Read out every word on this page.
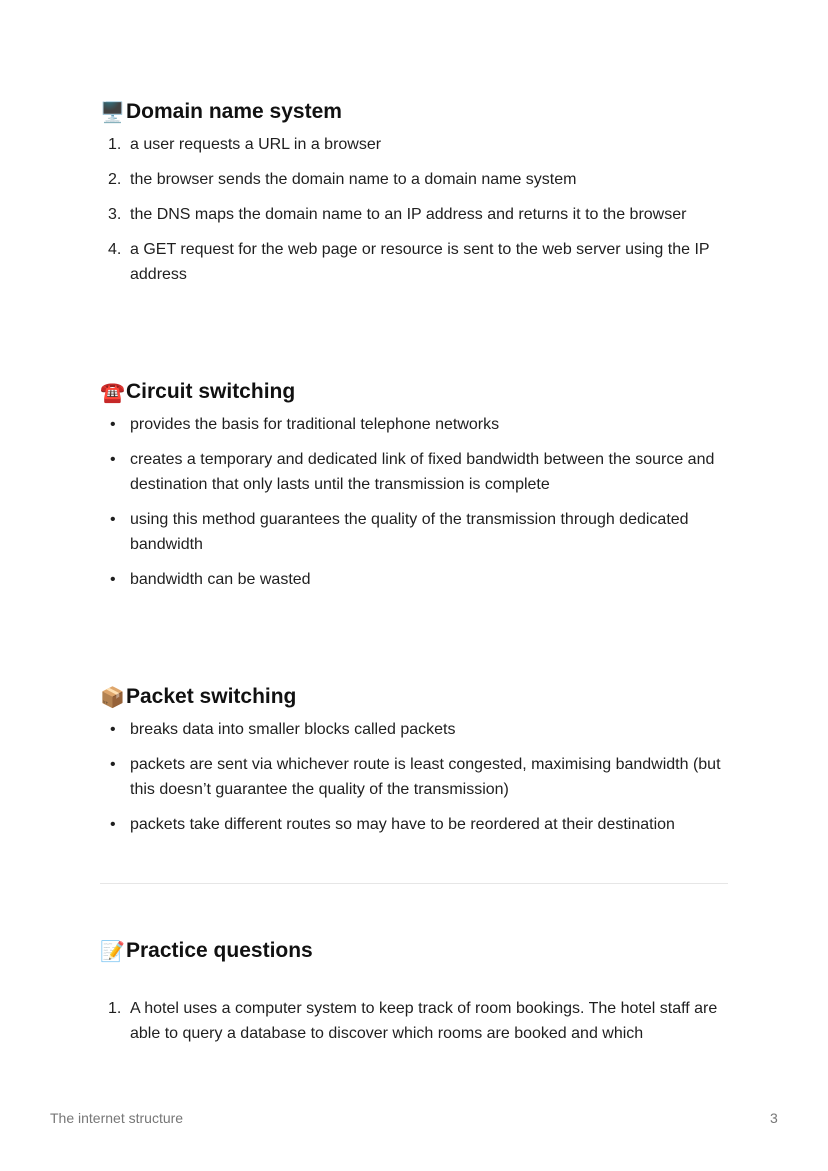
🖥️ Domain name system
1. a user requests a URL in a browser
2. the browser sends the domain name to a domain name system
3. the DNS maps the domain name to an IP address and returns it to the browser
4. a GET request for the web page or resource is sent to the web server using the IP address
☎️ Circuit switching
• provides the basis for traditional telephone networks
• creates a temporary and dedicated link of fixed bandwidth between the source and destination that only lasts until the transmission is complete
• using this method guarantees the quality of the transmission through dedicated bandwidth
• bandwidth can be wasted
📦 Packet switching
• breaks data into smaller blocks called packets
• packets are sent via whichever route is least congested, maximising bandwidth (but this doesn’t guarantee the quality of the transmission)
• packets take different routes so may have to be reordered at their destination
📝 Practice questions
1. A hotel uses a computer system to keep track of room bookings. The hotel staff are able to query a database to discover which rooms are booked and which
The internet structure	3
